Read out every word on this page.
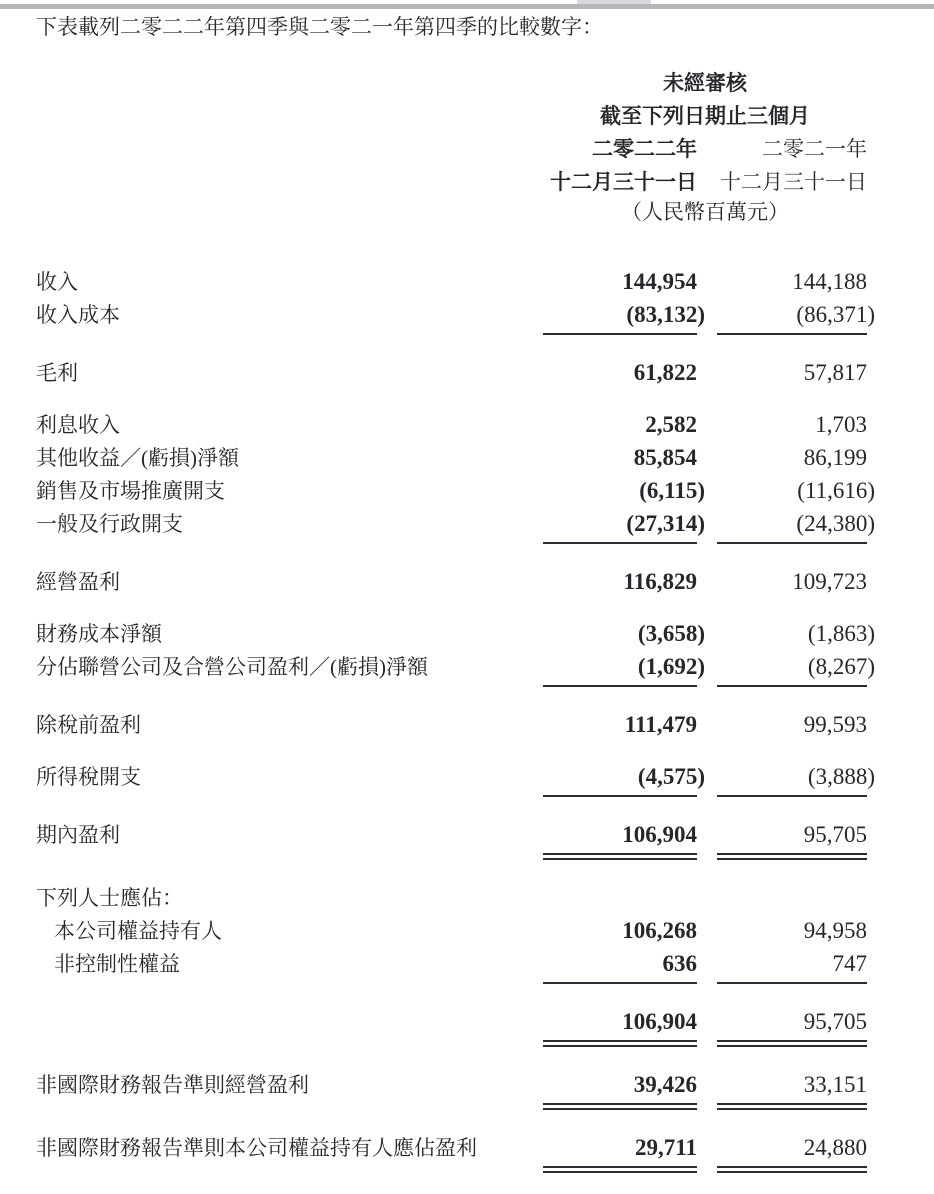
下表載列二零二二年第四季與二零二一年第四季的比較數字：

未經審核
截至下列日期止三個月
二零二二年	二零二一年
十二月三十一日 十二月三十一日
（人民幣百萬元）
收入	144,954	144,188
收入成本	(83,132)	(86,371)
毛利	61,822	57,817
利息收入	2,582	1,703
其他收益／(虧損)淨額	85,854	86,199
銷售及市場推廣開支	(6,115)	(11,616)
一般及行政開支	(27,314)	(24,380)
經營盈利	116,829	109,723
財務成本淨額	(3,658)	(1,863)
分佔聯營公司及合營公司盈利／(虧損)淨額	(1,692)	(8,267)
除稅前盈利	111,479	99,593
所得稅開支	(4,575)	(3,888)
期內盈利	106,904	95,705
下列人士應佔：
本公司權益持有人	106,268	94,958
非控制性權益	636	747
106,904	95,705
非國際財務報告準則經營盈利	39,426	33,151
非國際財務報告準則本公司權益持有人應佔盈利	29,711	24,880
